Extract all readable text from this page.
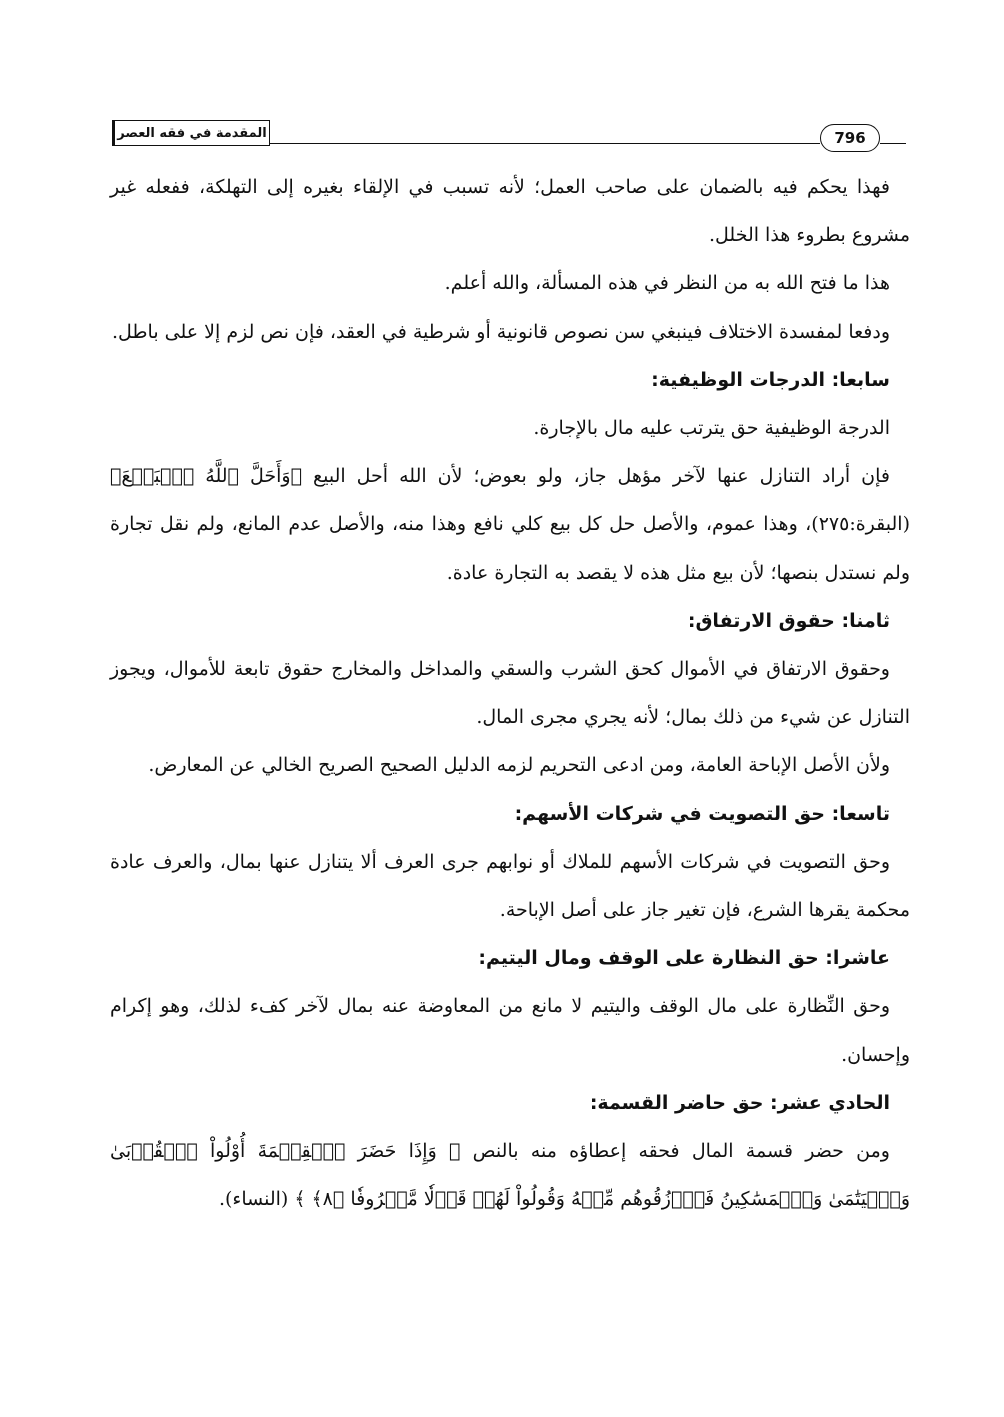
المقدمة في فقه العصر	796

فهذا يحكم فيه بالضمان على صاحب العمل؛ لأنه تسبب في الإلقاء بغيره إلى التهلكة، ففعله غير مشروع بطروء هذا الخلل.

هذا ما فتح الله به من النظر في هذه المسألة، والله أعلم.

ودفعا لمفسدة الاختلاف فينبغي سن نصوص قانونية أو شرطية في العقد، فإن نص لزم إلا على باطل.

سابعا: الدرجات الوظيفية:

الدرجة الوظيفية حق يترتب عليه مال بالإجارة.

فإن أراد التنازل عنها لآخر مؤهل جاز، ولو بعوض؛ لأن الله أحل البيع ﴿وَأَحَلَّ ٱللَّهُ ٱلۡبَيۡعَ﴾ (البقرة:٢٧٥)، وهذا عموم، والأصل حل كل بيع كلي نافع وهذا منه، والأصل عدم المانع، ولم نقل تجارة ولم نستدل بنصها؛ لأن بيع مثل هذه لا يقصد به التجارة عادة.

ثامنا: حقوق الارتفاق:

وحقوق الارتفاق في الأموال كحق الشرب والسقي والمداخل والمخارج حقوق تابعة للأموال، ويجوز التنازل عن شيء من ذلك بمال؛ لأنه يجري مجرى المال.

ولأن الأصل الإباحة العامة، ومن ادعى التحريم لزمه الدليل الصحيح الصريح الخالي عن المعارض.

تاسعا: حق التصويت في شركات الأسهم:

وحق التصويت في شركات الأسهم للملاك أو نوابهم جرى العرف ألا يتنازل عنها بمال، والعرف عادة محكمة يقرها الشرع، فإن تغير جاز على أصل الإباحة.

عاشرا: حق النظارة على الوقف ومال اليتيم:

وحق النِّظارة على مال الوقف واليتيم لا مانع من المعاوضة عنه بمال لآخر كفء لذلك، وهو إكرام وإحسان.

الحادي عشر: حق حاضر القسمة:

ومن حضر قسمة المال فحقه إعطاؤه منه بالنص ﴿ وَإِذَا حَضَرَ ٱلۡقِسۡمَةَ أُوْلُواْ ٱلۡقُرۡبَىٰ وَٱلۡيَتَٰمَىٰ وَٱلۡمَسَٰكِينُ فَٱرۡزُقُوهُم مِّنۡهُ وَقُولُواْ لَهُمۡ قَوۡلٗا مَّعۡرُوفٗا ﴿٨﴾ ﴾ (النساء).
